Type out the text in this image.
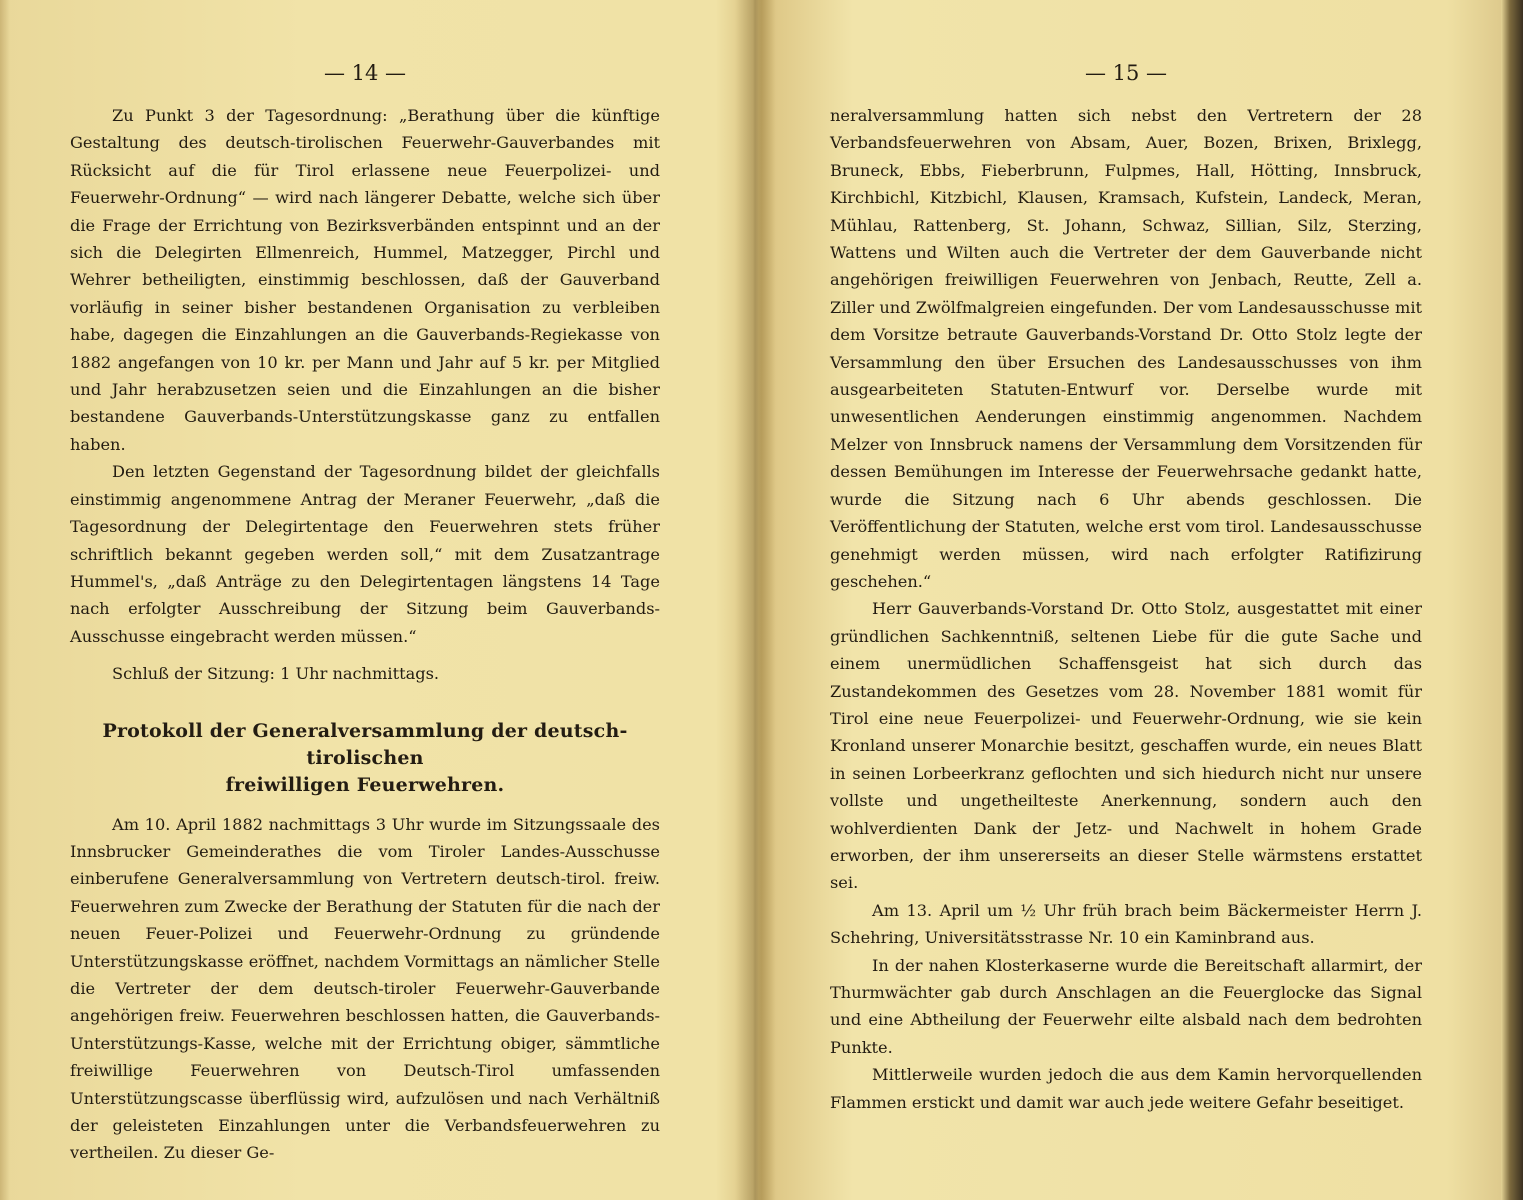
— 14 —

Zu Punkt 3 der Tagesordnung: „Berathung über die künftige Gestaltung des deutsch-tirolischen Feuerwehr-Gauverbandes mit Rücksicht auf die für Tirol erlassene neue Feuerpolizei- und Feuerwehr-Ordnung“ — wird nach längerer Debatte, welche sich über die Frage der Errichtung von Bezirksverbänden entspinnt und an der sich die Delegirten Ellmenreich, Hummel, Matzegger, Pirchl und Wehrer betheiligten, einstimmig beschlossen, daß der Gauverband vorläufig in seiner bisher bestandenen Organisation zu verbleiben habe, dagegen die Einzahlungen an die Gauverbands-Regiekasse von 1882 angefangen von 10 kr. per Mann und Jahr auf 5 kr. per Mitglied und Jahr herabzusetzen seien und die Einzahlungen an die bisher bestandene Gauverbands-Unterstützungskasse ganz zu entfallen haben.

Den letzten Gegenstand der Tagesordnung bildet der gleichfalls einstimmig angenommene Antrag der Meraner Feuerwehr, „daß die Tagesordnung der Delegirtentage den Feuerwehren stets früher schriftlich bekannt gegeben werden soll,“ mit dem Zusatzantrage Hummel's, „daß Anträge zu den Delegirtentagen längstens 14 Tage nach erfolgter Ausschreibung der Sitzung beim Gauverbands-Ausschusse eingebracht werden müssen.“

Schluß der Sitzung: 1 Uhr nachmittags.

Protokoll der Generalversammlung der deutsch-tirolischen
freiwilligen Feuerwehren.

Am 10. April 1882 nachmittags 3 Uhr wurde im Sitzungssaale des Innsbrucker Gemeinderathes die vom Tiroler Landes-Ausschusse einberufene Generalversammlung von Vertretern deutsch-tirol. freiw. Feuerwehren zum Zwecke der Berathung der Statuten für die nach der neuen Feuer-Polizei und Feuerwehr-Ordnung zu gründende Unterstützungskasse eröffnet, nachdem Vormittags an nämlicher Stelle die Vertreter der dem deutsch-tiroler Feuerwehr-Gauverbande angehörigen freiw. Feuerwehren beschlossen hatten, die Gauverbands-Unterstützungs-Kasse, welche mit der Errichtung obiger, sämmtliche freiwillige Feuerwehren von Deutsch-Tirol umfassenden Unterstützungscasse überflüssig wird, aufzulösen und nach Verhältniß der geleisteten Einzahlungen unter die Verbandsfeuerwehren zu vertheilen. Zu dieser Ge-

— 15 —

neralversammlung hatten sich nebst den Vertretern der 28 Verbandsfeuerwehren von Absam, Auer, Bozen, Brixen, Brixlegg, Bruneck, Ebbs, Fieberbrunn, Fulpmes, Hall, Hötting, Innsbruck, Kirchbichl, Kitzbichl, Klausen, Kramsach, Kufstein, Landeck, Meran, Mühlau, Rattenberg, St. Johann, Schwaz, Sillian, Silz, Sterzing, Wattens und Wilten auch die Vertreter der dem Gauverbande nicht angehörigen freiwilligen Feuerwehren von Jenbach, Reutte, Zell a. Ziller und Zwölfmalgreien eingefunden. Der vom Landesausschusse mit dem Vorsitze betraute Gauverbands-Vorstand Dr. Otto Stolz legte der Versammlung den über Ersuchen des Landesausschusses von ihm ausgearbeiteten Statuten-Entwurf vor. Derselbe wurde mit unwesentlichen Aenderungen einstimmig angenommen. Nachdem Melzer von Innsbruck namens der Versammlung dem Vorsitzenden für dessen Bemühungen im Interesse der Feuerwehrsache gedankt hatte, wurde die Sitzung nach 6 Uhr abends geschlossen. Die Veröffentlichung der Statuten, welche erst vom tirol. Landesausschusse genehmigt werden müssen, wird nach erfolgter Ratifizirung geschehen.“

Herr Gauverbands-Vorstand Dr. Otto Stolz, ausgestattet mit einer gründlichen Sachkenntniß, seltenen Liebe für die gute Sache und einem unermüdlichen Schaffensgeist hat sich durch das Zustandekommen des Gesetzes vom 28. November 1881 womit für Tirol eine neue Feuerpolizei- und Feuerwehr-Ordnung, wie sie kein Kronland unserer Monarchie besitzt, geschaffen wurde, ein neues Blatt in seinen Lorbeerkranz geflochten und sich hiedurch nicht nur unsere vollste und ungetheiltеste Anerkennung, sondern auch den wohlverdienten Dank der Jetz- und Nachwelt in hohem Grade erworben, der ihm unsererseits an dieser Stelle wärmstens erstattet sei.

Am 13. April um ½ Uhr früh brach beim Bäckermeister Herrn J. Schehring, Universitätsstrasse Nr. 10 ein Kaminbrand aus.

In der nahen Klosterkaserne wurde die Bereitschaft allarmirt, der Thurmwächter gab durch Anschlagen an die Feuerglocke das Signal und eine Abtheilung der Feuerwehr eilte alsbald nach dem bedrohten Punkte.

Mittlerweile wurden jedoch die aus dem Kamin hervorquellenden Flammen erstickt und damit war auch jede weitere Gefahr beseitiget.
